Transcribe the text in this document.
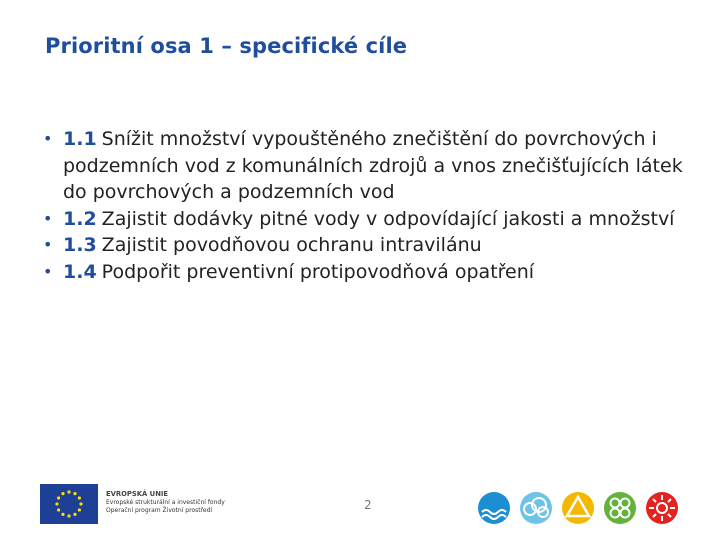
Prioritní osa 1 – specifické cíle
• 1.1 Snížit množství vypouštěného znečištění do povrchových i podzemních vod z komunálních zdrojů a vnos znečišťujících látek do povrchových a podzemních vod
• 1.2 Zajistit dodávky pitné vody v odpovídající jakosti a množství
• 1.3 Zajistit povodňovou ochranu intravilánu
• 1.4 Podpořit preventivní protipovodňová opatření
EVROPSKÁ UNIE
Evropské strukturální a investiční fondy
Operační program Životní prostředí	2
